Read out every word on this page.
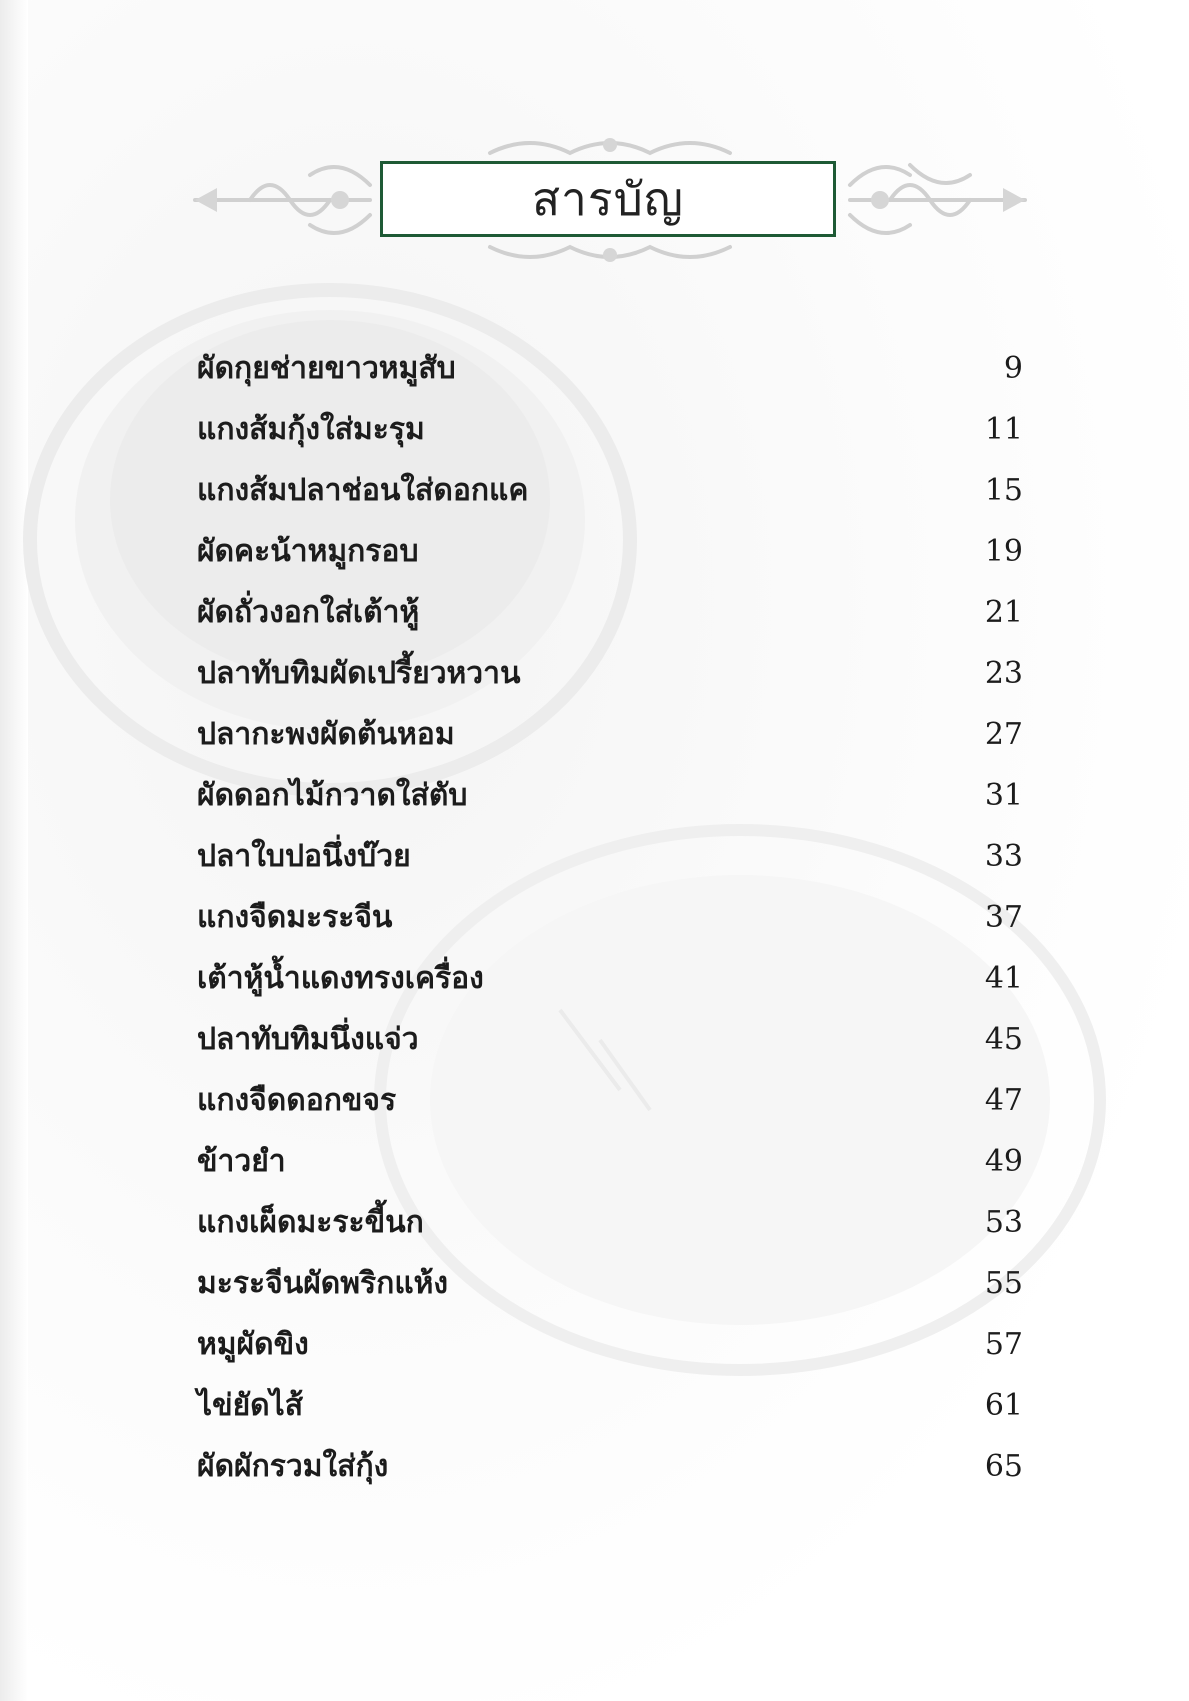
สารบัญ
ผัดกุยช่ายขาวหมูสับ	9
แกงส้มกุ้งใส่มะรุม	11
แกงส้มปลาช่อนใส่ดอกแค	15
ผัดคะน้าหมูกรอบ	19
ผัดถั่วงอกใส่เต้าหู้	21
ปลาทับทิมผัดเปรี้ยวหวาน	23
ปลากะพงผัดต้นหอม	27
ผัดดอกไม้กวาดใส่ตับ	31
ปลาใบปอนึ่งบ๊วย	33
แกงจืดมะระจีน	37
เต้าหู้น้ำแดงทรงเครื่อง	41
ปลาทับทิมนึ่งแจ่ว	45
แกงจืดดอกขจร	47
ข้าวยำ	49
แกงเผ็ดมะระขี้นก	53
มะระจีนผัดพริกแห้ง	55
หมูผัดขิง	57
ไข่ยัดไส้	61
ผัดผักรวมใส่กุ้ง	65
